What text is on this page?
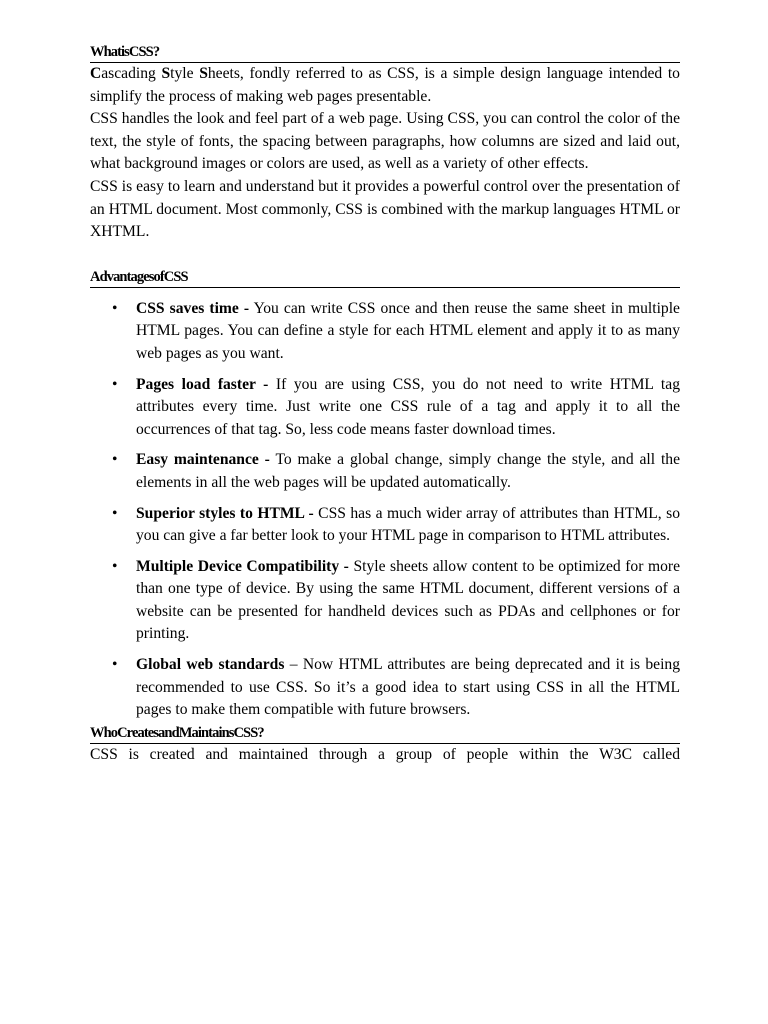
WhatisCSS?

Cascading Style Sheets, fondly referred to as CSS, is a simple design language intended to simplify the process of making web pages presentable.

CSS handles the look and feel part of a web page. Using CSS, you can control the color of the text, the style of fonts, the spacing between paragraphs, how columns are sized and laid out, what background images or colors are used, as well as a variety of other effects.

CSS is easy to learn and understand but it provides a powerful control over the presentation of an HTML document. Most commonly, CSS is combined with the markup languages HTML or XHTML.

AdvantagesofCSS
• CSS saves time - You can write CSS once and then reuse the same sheet in multiple HTML pages. You can define a style for each HTML element and apply it to as many web pages as you want.
• Pages load faster - If you are using CSS, you do not need to write HTML tag attributes every time. Just write one CSS rule of a tag and apply it to all the occurrences of that tag. So, less code means faster download times.
• Easy maintenance - To make a global change, simply change the style, and all the elements in all the web pages will be updated automatically.
• Superior styles to HTML - CSS has a much wider array of attributes than HTML, so you can give a far better look to your HTML page in comparison to HTML attributes.
• Multiple Device Compatibility - Style sheets allow content to be optimized for more than one type of device. By using the same HTML document, different versions of a website can be presented for handheld devices such as PDAs and cellphones or for printing.
• Global web standards – Now HTML attributes are being deprecated and it is being recommended to use CSS. So it’s a good idea to start using CSS in all the HTML pages to make them compatible with future browsers.
WhoCreatesandMaintainsCSS?

CSS is created and maintained through a group of people within the W3C called
